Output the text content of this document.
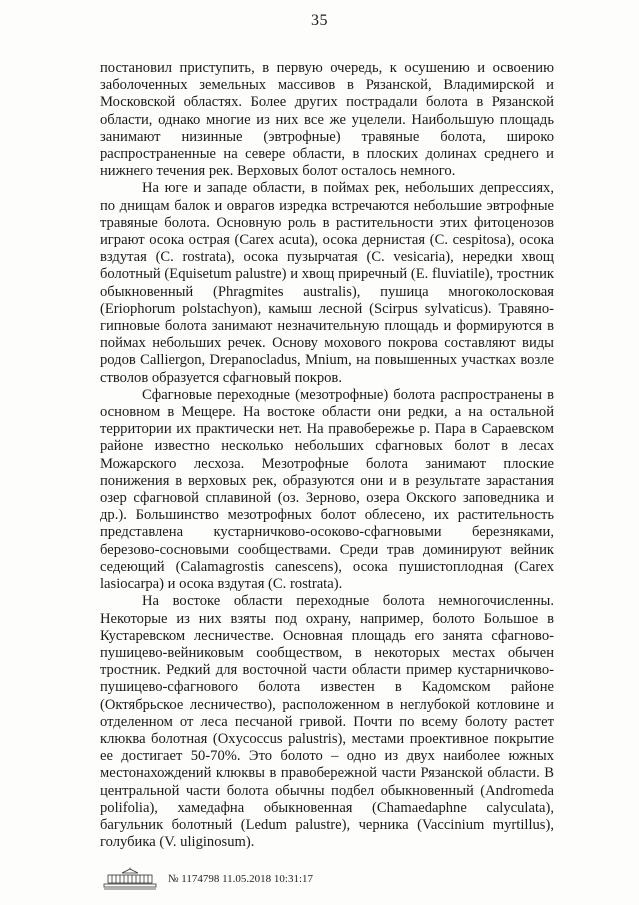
35

постановил приступить, в первую очередь, к осушению и освоению заболоченных земельных массивов в Рязанской, Владимирской и Московской областях. Более других пострадали болота в Рязанской области, однако многие из них все же уцелели. Наибольшую площадь занимают низинные (эвтрофные) травяные болота, широко распространенные на севере области, в плоских долинах среднего и нижнего течения рек. Верховых болот осталось немного.

На юге и западе области, в поймах рек, небольших депрессиях, по днищам балок и оврагов изредка встречаются небольшие эвтрофные травяные болота. Основную роль в растительности этих фитоценозов играют осока острая (Carex acuta), осока дернистая (C. cespitosa), осока вздутая (C. rostrata), осока пузырчатая (C. vesicaria), нередки хвощ болотный (Equisetum palustre) и хвощ приречный (E. fluviatile), тростник обыкновенный (Phragmites australis), пушица многоколосковая (Eriophorum polstachyon), камыш лесной (Scirpus sylvaticus). Травяно-гипновые болота занимают незначительную площадь и формируются в поймах небольших речек. Основу мохового покрова составляют виды родов Calliergon, Drepanocladus, Mnium, на повышенных участках возле стволов образуется сфагновый покров.

Сфагновые переходные (мезотрофные) болота распространены в основном в Мещере. На востоке области они редки, а на остальной территории их практически нет. На правобережье р. Пара в Сараевском районе известно несколько небольших сфагновых болот в лесах Можарского лесхоза. Мезотрофные болота занимают плоские понижения в верховых рек, образуются они и в результате зарастания озер сфагновой сплавиной (оз. Зерново, озера Окского заповедника и др.). Большинство мезотрофных болот облесено, их растительность представлена кустарничково-осоково-сфагновыми березняками, березово-сосновыми сообществами. Среди трав доминируют вейник седеющий (Calamagrostis canescens), осока пушистоплодная (Carex lasiocarpa) и осока вздутая (C. rostrata).

На востоке области переходные болота немногочисленны. Некоторые из них взяты под охрану, например, болото Большое в Кустаревском лесничестве. Основная площадь его занята сфагново-пушицево-вейниковым сообществом, в некоторых местах обычен тростник. Редкий для восточной части области пример кустарничково-пушицево-сфагнового болота известен в Кадомском районе (Октябрьское лесничество), расположенном в неглубокой котловине и отделенном от леса песчаной гривой. Почти по всему болоту растет клюква болотная (Oxycoccus palustris), местами проективное покрытие ее достигает 50-70%. Это болото – одно из двух наиболее южных местонахождений клюквы в правобережной части Рязанской области. В центральной части болота обычны подбел обыкновенный (Andromeda polifolia), хамедафна обыкновенная (Chamaedaphne calyculata), багульник болотный (Ledum palustre), черника (Vaccinium myrtillus), голубика (V. uliginosum).

№ 1174798 11.05.2018 10:31:17
